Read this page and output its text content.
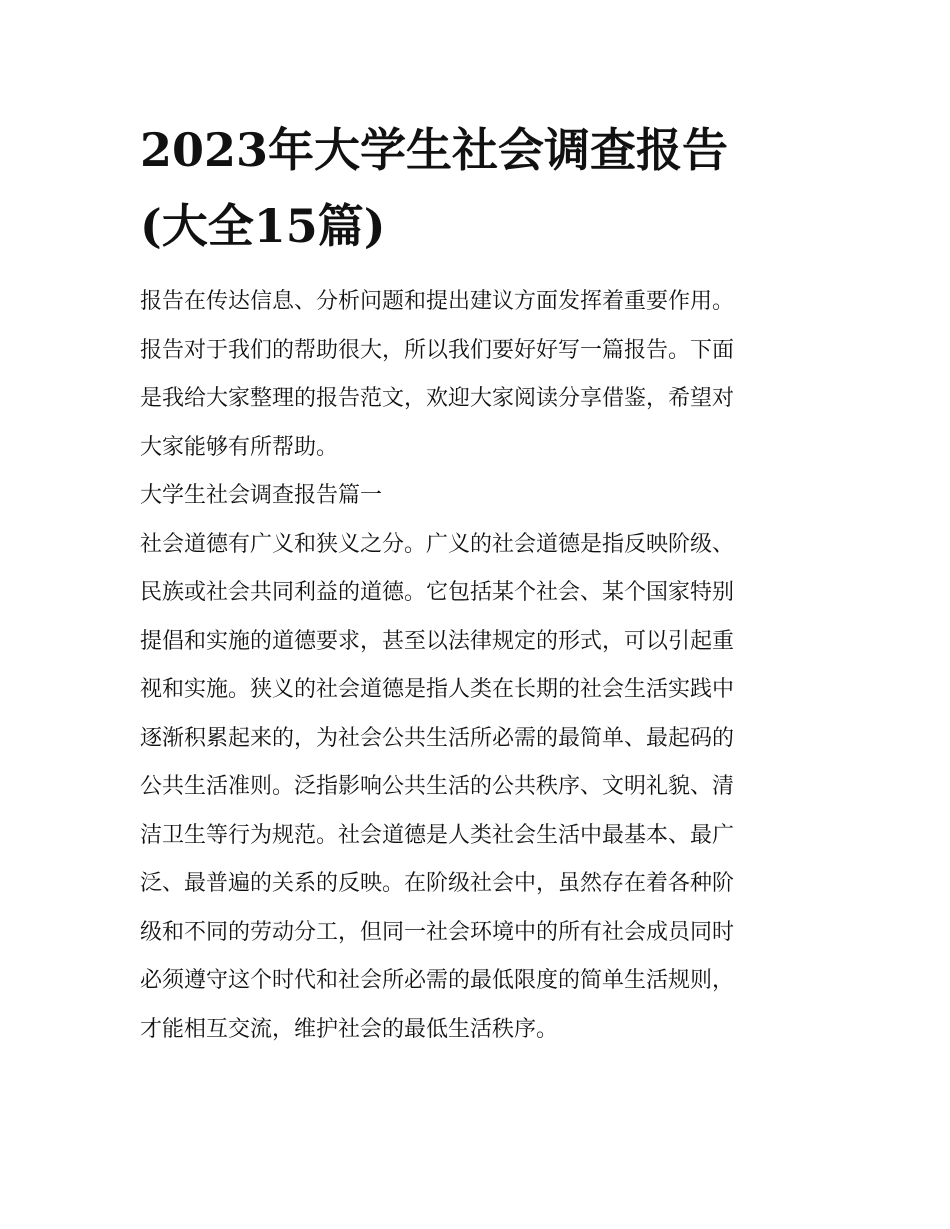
2023年大学生社会调查报告
(大全15篇)
报告在传达信息、分析问题和提出建议方面发挥着重要作用。
报告对于我们的帮助很大，所以我们要好好写一篇报告。下面
是我给大家整理的报告范文，欢迎大家阅读分享借鉴，希望对
大家能够有所帮助。
大学生社会调查报告篇一
社会道德有广义和狭义之分。广义的社会道德是指反映阶级、
民族或社会共同利益的道德。它包括某个社会、某个国家特别
提倡和实施的道德要求，甚至以法律规定的形式，可以引起重
视和实施。狭义的社会道德是指人类在长期的社会生活实践中
逐渐积累起来的，为社会公共生活所必需的最简单、最起码的
公共生活准则。泛指影响公共生活的公共秩序、文明礼貌、清
洁卫生等行为规范。社会道德是人类社会生活中最基本、最广
泛、最普遍的关系的反映。在阶级社会中，虽然存在着各种阶
级和不同的劳动分工，但同一社会环境中的所有社会成员同时
必须遵守这个时代和社会所必需的最低限度的简单生活规则，
才能相互交流，维护社会的最低生活秩序。
